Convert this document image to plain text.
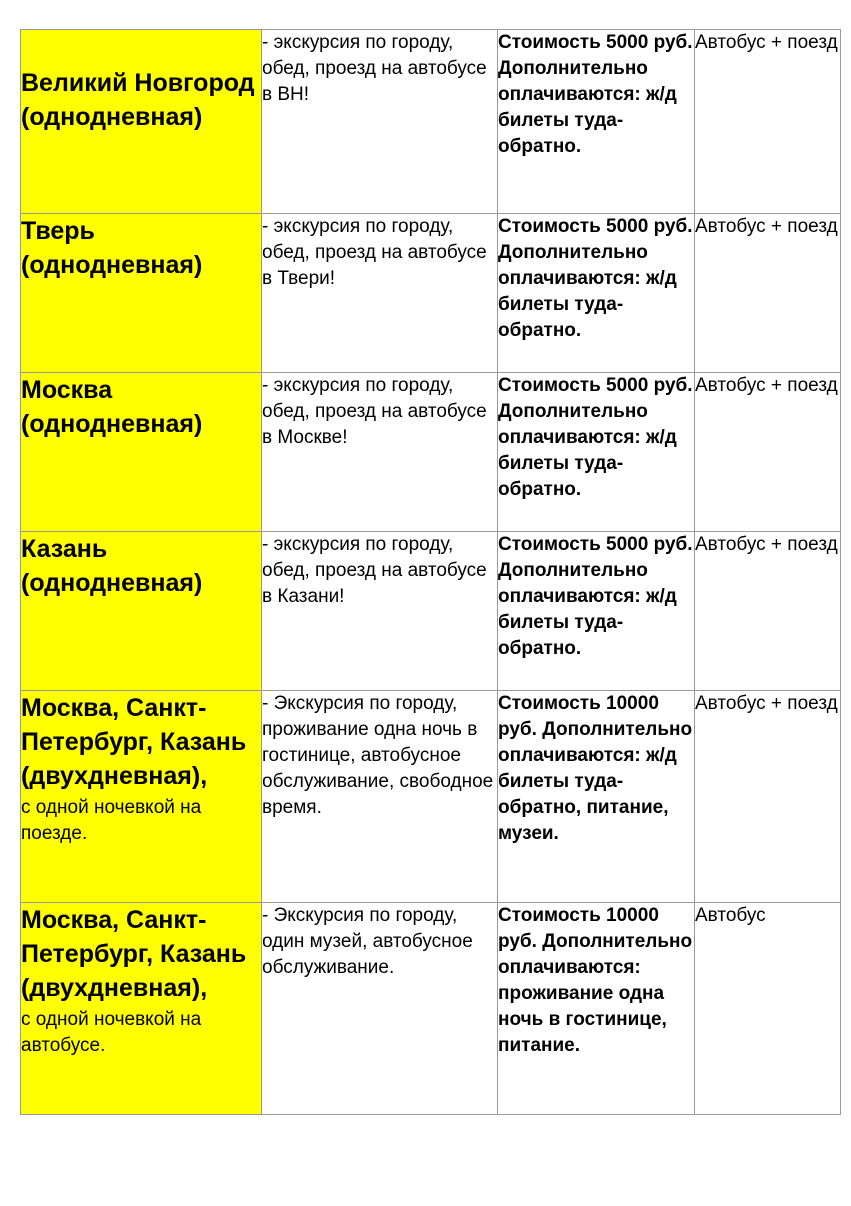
Великий Новгород (однодневная)	- экскурсия по городу, обед, проезд на автобусе в ВН!	Стоимость 5000 руб. Дополнительно оплачиваются: ж/д билеты туда-обратно.	Автобус + поезд

Тверь (однодневная)	- экскурсия по городу, обед, проезд на автобусе в Твери!	Стоимость 5000 руб. Дополнительно оплачиваются: ж/д билеты туда-обратно.	Автобус + поезд

Москва (однодневная)	- экскурсия по городу, обед, проезд на автобусе в Москве!	Стоимость 5000 руб. Дополнительно оплачиваются: ж/д билеты туда-обратно.	Автобус + поезд

Казань (однодневная)	- экскурсия по городу, обед, проезд на автобусе в Казани!	Стоимость 5000 руб. Дополнительно оплачиваются: ж/д билеты туда-обратно.	Автобус + поезд

Москва, Санкт-Петербург, Казань (двухдневная),
с одной ночевкой на поезде.	- Экскурсия по городу, проживание одна ночь в гостинице, автобусное обслуживание, свободное время.	Стоимость 10000 руб. Дополнительно оплачиваются: ж/д билеты туда-обратно, питание, музеи.	Автобус + поезд

Москва, Санкт-Петербург, Казань (двухдневная),
с одной ночевкой на автобусе.	- Экскурсия по городу, один музей, автобусное обслуживание.	Стоимость 10000 руб. Дополнительно оплачиваются: проживание одна ночь в гостинице, питание.	Автобус
